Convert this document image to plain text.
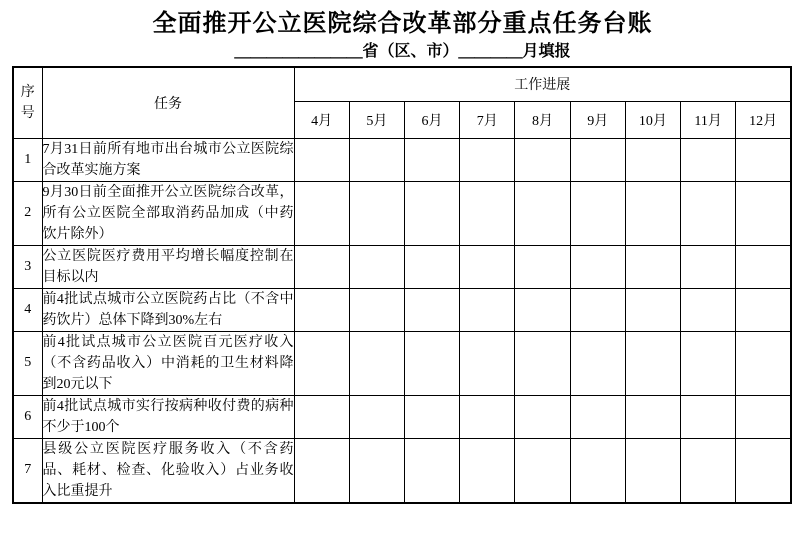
全面推开公立医院综合改革部分重点任务台账
＿＿＿＿＿＿＿＿省（区、市）＿＿＿＿月填报
序号	任务	工作进展								
		4月	5月	6月	7月	8月	9月	10月	11月	12月
1	7月31日前所有地市出台城市公立医院综合改革实施方案									
2	9月30日前全面推开公立医院综合改革，所有公立医院全部取消药品加成（中药饮片除外）									
3	公立医院医疗费用平均增长幅度控制在目标以内									
4	前4批试点城市公立医院药占比（不含中药饮片）总体下降到30%左右									
5	前4批试点城市公立医院百元医疗收入（不含药品收入）中消耗的卫生材料降到20元以下									
6	前4批试点城市实行按病种收付费的病种不少于100个									
7	县级公立医院医疗服务收入（不含药品、耗材、检查、化验收入）占业务收入比重提升									
